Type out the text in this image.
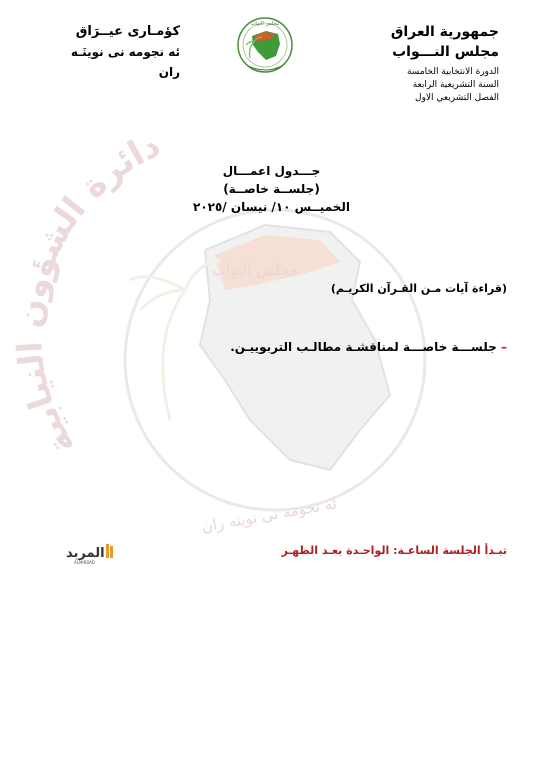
دائرة الشؤون النيابية
مجلس النواب
ئه نجومه نى نوينه ران
جمهورية العراق
مجلس النـــواب
الدورة الانتخابية الخامسة
السنة التشريعية الرابعة
الفصل التشريعي الاول
كؤمـارى عيــرَاق
ئه نجومه نى نوينَـه ران
مجلس النواب
جـــدول اعمـــال
(جلســة خاصــة)
الخميــس ١٠/ نيسان /٢٠٢٥
(قراءة آيات مـن القـرآن الكريـم)
– جلســـة خاصـــة لمناقشـة مطالـب التربوييـن.
المربد
ALMIRBAD
تبـدأ الجلسة الساعـة: الواحـدة بعـد الظهـر
